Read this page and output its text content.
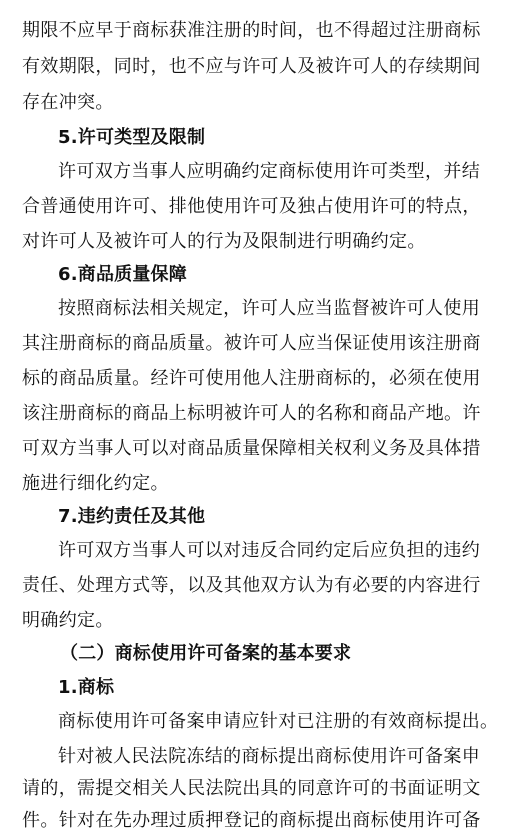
期限不应早于商标获准注册的时间，也不得超过注册商标
有效期限，同时，也不应与许可人及被许可人的存续期间
存在冲突。
5.许可类型及限制
许可双方当事人应明确约定商标使用许可类型，并结
合普通使用许可、排他使用许可及独占使用许可的特点，
对许可人及被许可人的行为及限制进行明确约定。
6.商品质量保障
按照商标法相关规定，许可人应当监督被许可人使用
其注册商标的商品质量。被许可人应当保证使用该注册商
标的商品质量。经许可使用他人注册商标的，必须在使用
该注册商标的商品上标明被许可人的名称和商品产地。许
可双方当事人可以对商品质量保障相关权利义务及具体措
施进行细化约定。
7.违约责任及其他
许可双方当事人可以对违反合同约定后应负担的违约
责任、处理方式等，以及其他双方认为有必要的内容进行
明确约定。
（二）商标使用许可备案的基本要求
1.商标
商标使用许可备案申请应针对已注册的有效商标提出。
针对被人民法院冻结的商标提出商标使用许可备案申
请的，需提交相关人民法院出具的同意许可的书面证明文
件。针对在先办理过质押登记的商标提出商标使用许可备
